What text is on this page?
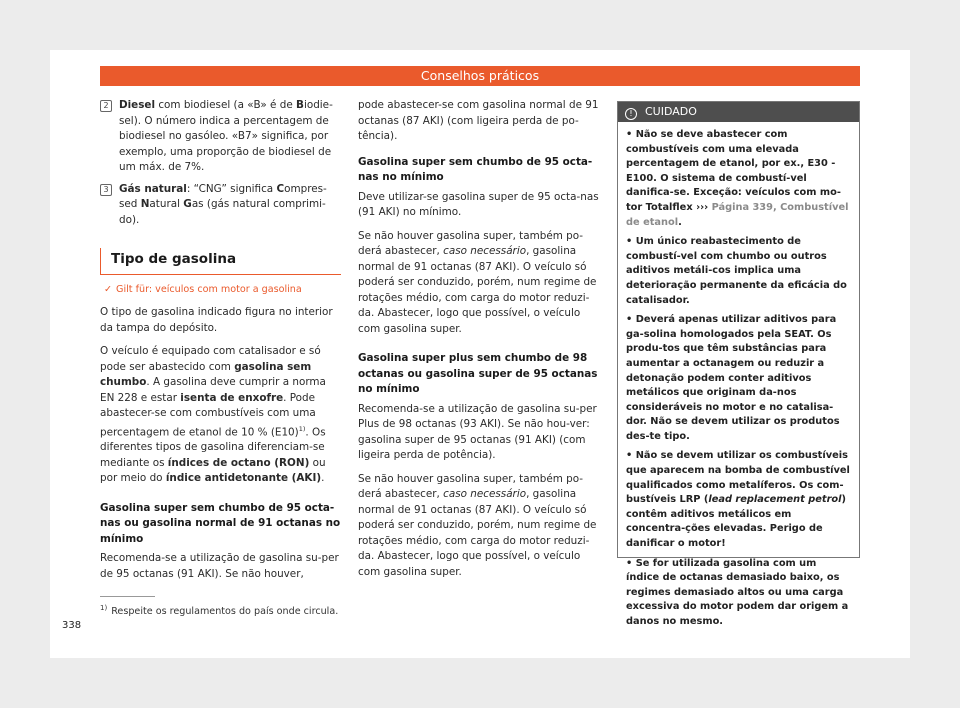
Conselhos práticos
2	Diesel com biodiesel (a «B» é de Biodie-sel). O número indica a percentagem de biodiesel no gasóleo. «B7» significa, por exemplo, uma proporção de biodiesel de um máx. de 7%.
3	Gás natural: “CNG” significa Compres-sed Natural Gas (gás natural comprimi-do).
Tipo de gasolina
✓ Gilt für: veículos com motor a gasolina

O tipo de gasolina indicado figura no interior da tampa do depósito.

O veículo é equipado com catalisador e só pode ser abastecido com gasolina sem chumbo. A gasolina deve cumprir a norma EN 228 e estar isenta de enxofre. Pode abastecer-se com combustíveis com uma percentagem de etanol de 10 % $(E10)^{1)}$. Os diferentes tipos de gasolina diferenciam-se mediante os índices de octano (RON) ou por meio do índice antidetonante (AKI).

Gasolina super sem chumbo de 95 octa-nas ou gasolina normal de 91 octanas no mínimo

Recomenda-se a utilização de gasolina su-per de 95 octanas (91 AKI). Se não houver,

pode abastecer-se com gasolina normal de 91 octanas (87 AKI) (com ligeira perda de po-tência).

Gasolina super sem chumbo de 95 octa-nas no mínimo

Deve utilizar-se gasolina super de 95 octa-nas (91 AKI) no mínimo.

Se não houver gasolina super, também po-derá abastecer, caso necessário, gasolina normal de 91 octanas (87 AKI). O veículo só poderá ser conduzido, porém, num regime de rotações médio, com carga do motor reduzi-da. Abastecer, logo que possível, o veículo com gasolina super.

Gasolina super plus sem chumbo de 98 octanas ou gasolina super de 95 octanas no mínimo

Recomenda-se a utilização de gasolina su-per Plus de 98 octanas (93 AKI). Se não hou-ver: gasolina super de 95 octanas (91 AKI) (com ligeira perda de potência).

Se não houver gasolina super, também po-derá abastecer, caso necessário, gasolina normal de 91 octanas (87 AKI). O veículo só poderá ser conduzido, porém, num regime de rotações médio, com carga do motor reduzi-da. Abastecer, logo que possível, o veículo com gasolina super.

! CUIDADO
• Não se deve abastecer com combustíveis com uma elevada percentagem de etanol, por ex., E30 - E100. O sistema de combustí-vel danifica-se. Exceção: veículos com mo-tor Totalflex ››› Página 339, Combustível de etanol.
• Um único reabastecimento de combustí-vel com chumbo ou outros aditivos metáli-cos implica uma deterioração permanente da eficácia do catalisador.
• Deverá apenas utilizar aditivos para ga-solina homologados pela SEAT. Os produ-tos que têm substâncias para aumentar a octanagem ou reduzir a detonação podem conter aditivos metálicos que originam da-nos consideráveis no motor e no catalisa-dor. Não se devem utilizar os produtos des-te tipo.
• Não se devem utilizar os combustíveis que aparecem na bomba de combustível qualificados como metalíferos. Os com-bustíveis LRP (lead replacement petrol) contêm aditivos metálicos em concentra-ções elevadas. Perigo de danificar o motor!
• Se for utilizada gasolina com um índice de octanas demasiado baixo, os regimes demasiado altos ou uma carga excessiva do motor podem dar origem a danos no mesmo.
$^{1)}$ Respeite os regulamentos do país onde circula.
338
